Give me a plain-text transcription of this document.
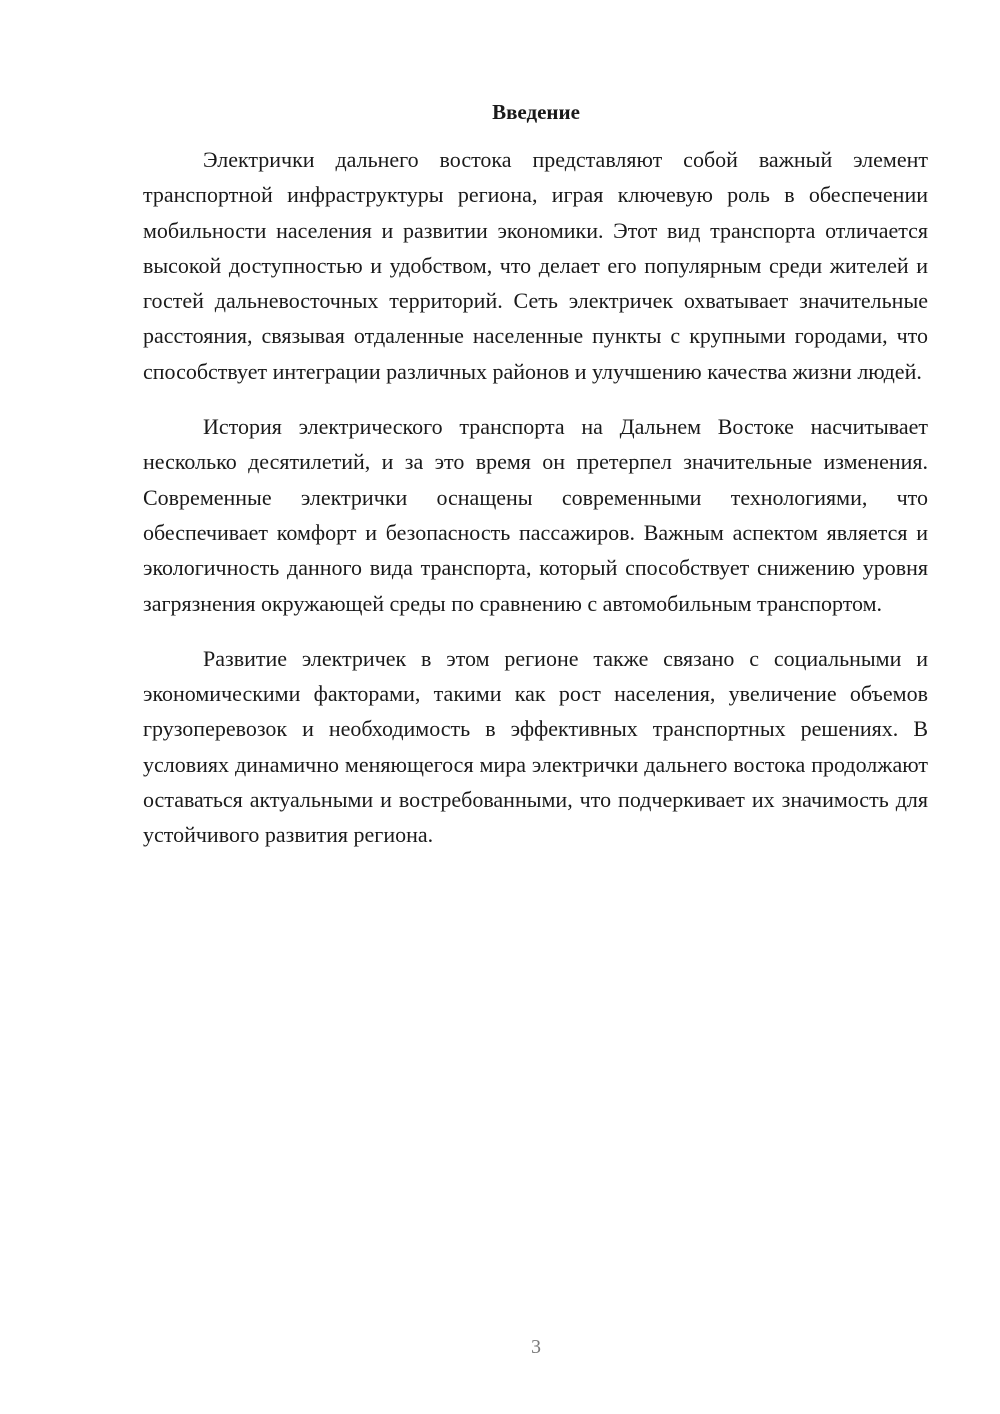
Введение

Электрички дальнего востока представляют собой важный элемент транспортной инфраструктуры региона, играя ключевую роль в обеспечении мобильности населения и развитии экономики. Этот вид транспорта отличается высокой доступностью и удобством, что делает его популярным среди жителей и гостей дальневосточных территорий. Сеть электричек охватывает значительные расстояния, связывая отдаленные населенные пункты с крупными городами, что способствует интеграции различных районов и улучшению качества жизни людей.

История электрического транспорта на Дальнем Востоке насчитывает несколько десятилетий, и за это время он претерпел значительные изменения. Современные электрички оснащены современными технологиями, что обеспечивает комфорт и безопасность пассажиров. Важным аспектом является и экологичность данного вида транспорта, который способствует снижению уровня загрязнения окружающей среды по сравнению с автомобильным транспортом.

Развитие электричек в этом регионе также связано с социальными и экономическими факторами, такими как рост населения, увеличение объемов грузоперевозок и необходимость в эффективных транспортных решениях. В условиях динамично меняющегося мира электрички дальнего востока продолжают оставаться актуальными и востребованными, что подчеркивает их значимость для устойчивого развития региона.

3
